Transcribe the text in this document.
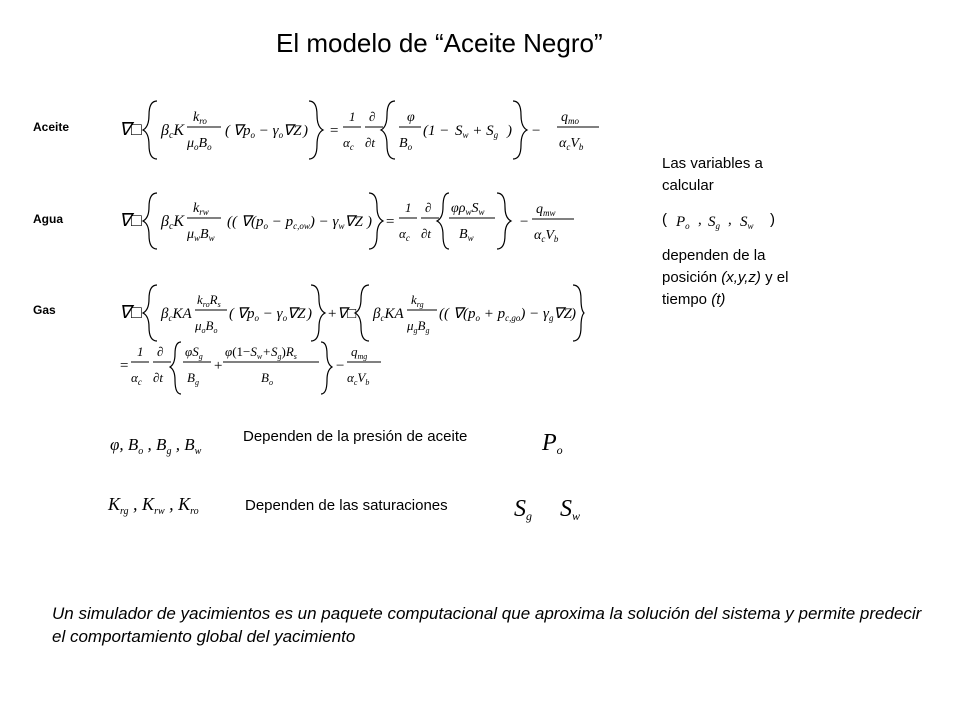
El modelo de “Aceite Negro”
Aceite
Agua
Gas
∇□ βcK
$k_{ro}$
$\mu_oB_o$
( $\nabla p_o - \gamma_o\nabla Z$ ) =
1
$\alpha_c$
∂
∂t
φ
$B_o$
($1 - S_w + S_g$ ) −
$q_{mo}$
$\alpha_cV_b$
∇□ βcK
$k_{rw}$
$\mu_wB_w$
(( $\nabla(p_o - p_{c,ow}) - \gamma_w\nabla Z$ ) =
1
$\alpha_c$
∂
∂t
$\varphi\rho_wS_w$
$B_w$
−
$q_{mw}$
$\alpha_cV_b$
∇□ $\beta_cKA$
$k_{ro}R_s$
$\mu_oB_o$
( $\nabla p_o - \gamma_o\nabla Z$ ) +∇□ $\beta_cKA$
$k_{rg}$
$\mu_gB_g$
(( $\nabla(p_o + p_{c,go}) - \gamma_g\nabla Z$ )
=
1
$\alpha_c$
∂
∂t
$\varphi S_g$
$B_g$
+
$\varphi(1-S_w+S_g)R_s$
$B_o$
−
$q_{mg}$
$\alpha_cV_b$
Las variables a
calcular
( $P_o$ , $S_g$ , $S_w$ )
dependen de la
posición (x,y,z) y el
tiempo (t)
φ, $B_o$ , $B_g$ , $B_w$
Dependen de la presión de aceite	Po
$K_{rg}$ , $K_{rw}$ , $K_{ro}$	Dependen de las saturaciones	Sg Sw
Un simulador de yacimientos es un paquete computacional que aproxima la solución del sistema y permite predecir el comportamiento global del yacimiento
